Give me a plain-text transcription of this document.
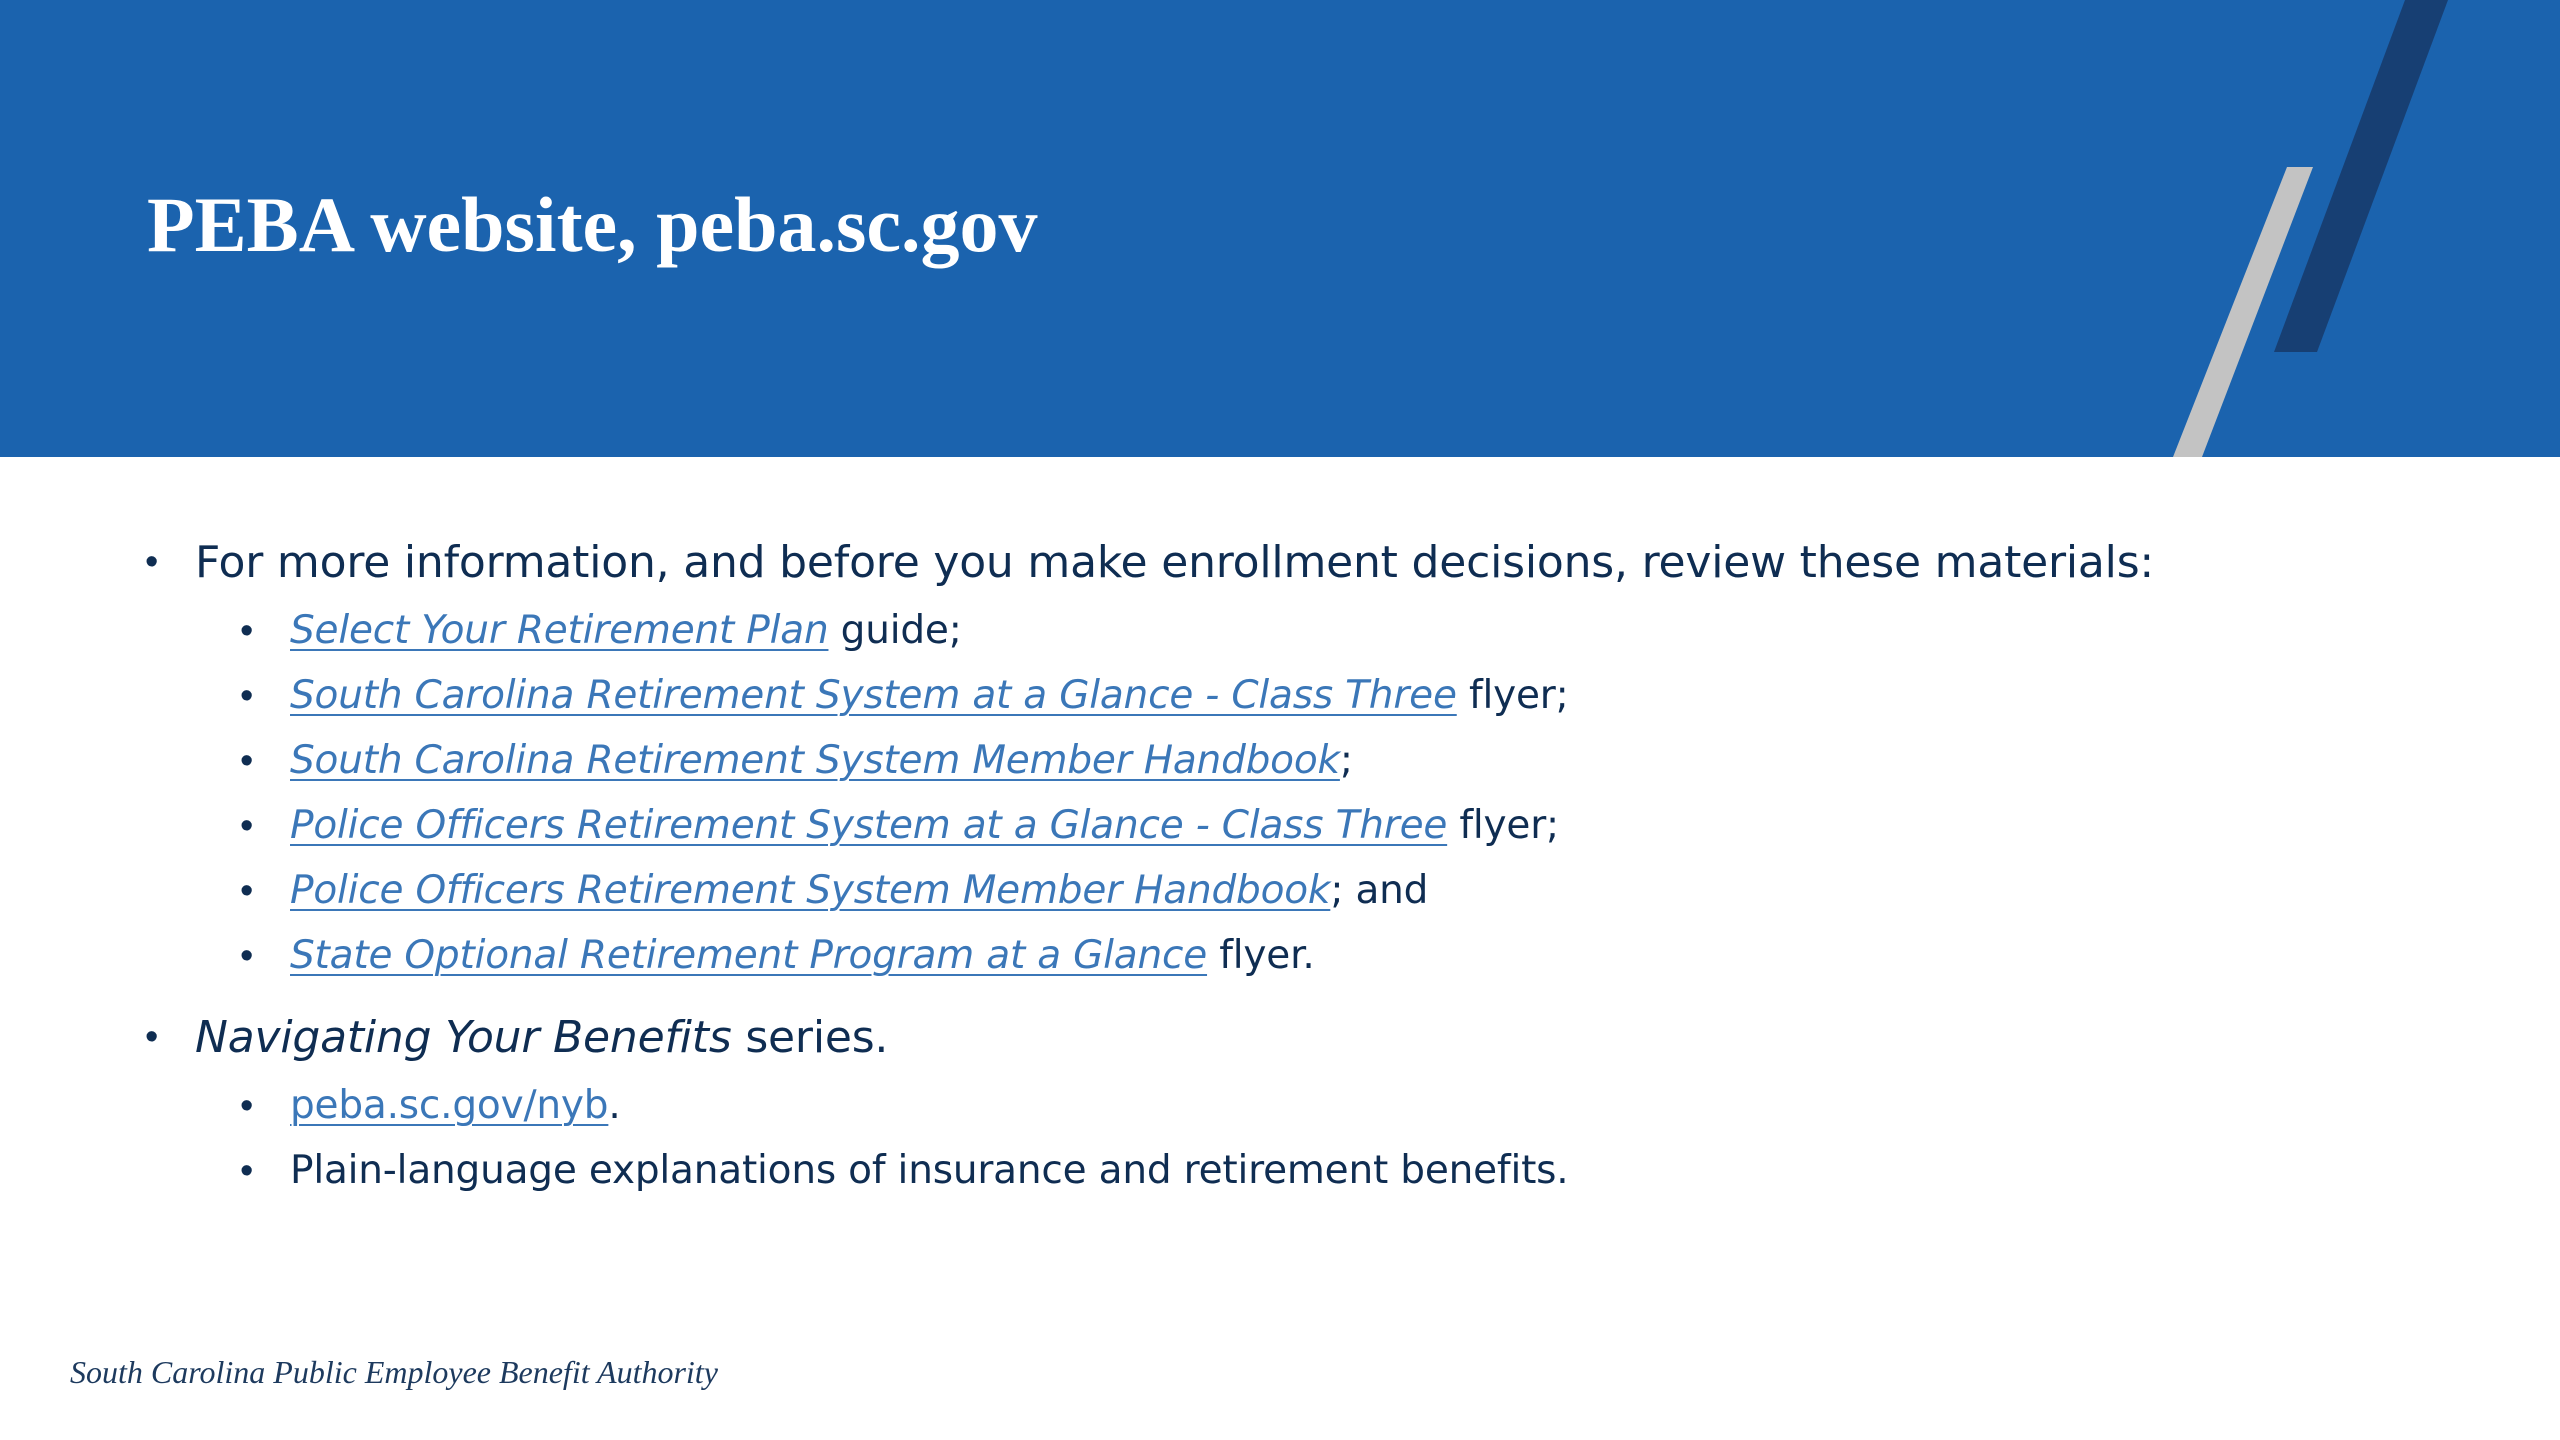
PEBA website, peba.sc.gov
• For more information, and before you make enrollment decisions, review these materials:
• Select Your Retirement Plan guide;
• South Carolina Retirement System at a Glance - Class Three flyer;
• South Carolina Retirement System Member Handbook;
• Police Officers Retirement System at a Glance - Class Three flyer;
• Police Officers Retirement System Member Handbook; and
• State Optional Retirement Program at a Glance flyer.
• Navigating Your Benefits series.
• peba.sc.gov/nyb.
• Plain-language explanations of insurance and retirement benefits.
South Carolina Public Employee Benefit Authority
